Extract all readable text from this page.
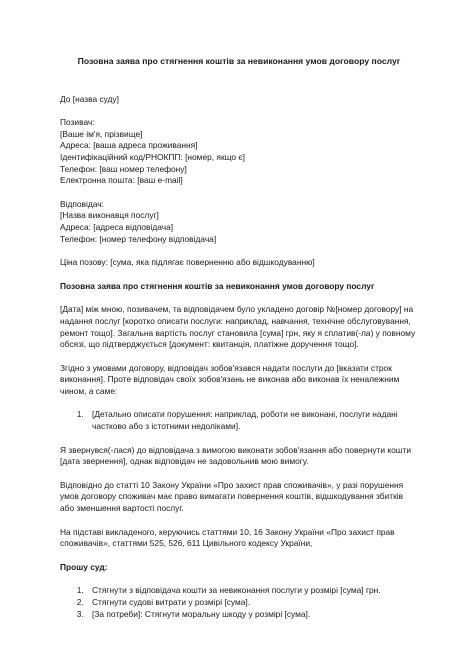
Позовна заява про стягнення коштів за невиконання умов договору послуг
До [назва суду]
Позивач:
[Ваше ім'я, прізвище]
Адреса: [ваша адреса проживання]
Ідентифікаційний код/РНОКПП: [номер, якщо є]
Телефон: [ваш номер телефону]
Електронна пошта: [ваш e-mail]
Відповідач:
[Назва виконавця послуг]
Адреса: [адреса відповідача]
Телефон: [номер телефону відповідача]
Ціна позову: [сума, яка підлягає поверненню або відшкодуванню]
Позовна заява про стягнення коштів за невиконання умов договору послуг
[Дата] між мною, позивачем, та відповідачем було укладено договір №[номер договору] на надання послуг [коротко описати послуги: наприклад, навчання, технічне обслуговування, ремонт тощо]. Загальна вартість послуг становила [сума] грн, яку я сплатив(-ла) у повному обсязі, що підтверджується [документ: квитанція, платіжне доручення тощо].
Згідно з умовами договору, відповідач зобов'язався надати послуги до [вказати строк виконання]. Проте відповідач своїх зобов'язань не виконав або виконав їх неналежним чином, а саме:
1. [Детально описати порушення: наприклад, роботи не виконані, послуги надані частково або з істотними недоліками].
Я звернувся(-лася) до відповідача з вимогою виконати зобов'язання або повернути кошти [дата звернення], однак відповідач не задовольнив мою вимогу.
Відповідно до статті 10 Закону України «Про захист прав споживачів», у разі порушення умов договору споживач має право вимагати повернення коштів, відшкодування збитків або зменшення вартості послуг.
На підставі викладеного, керуючись статтями 10, 16 Закону України «Про захист прав споживачів», статтями 525, 526, 611 Цивільного кодексу України,
Прошу суд:
1. Стягнути з відповідача кошти за невиконання послуги у розмірі [сума] грн.
2. Стягнути судові витрати у розмірі [сума].
3. [За потреби]: Стягнути моральну шкоду у розмірі [сума].
